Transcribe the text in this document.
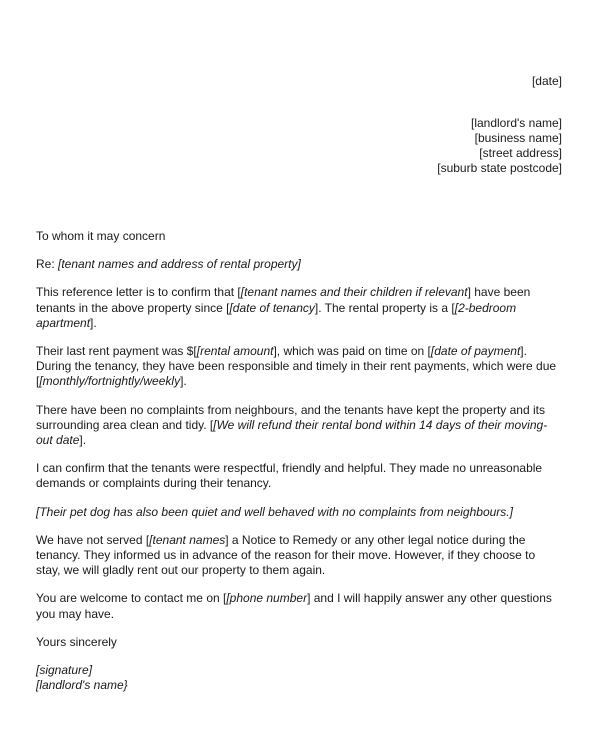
[date]
[landlord's name]
[business name]
[street address]
[suburb state postcode]

To whom it may concern

Re: [tenant names and address of rental property]

This reference letter is to confirm that [[tenant names and their children if relevant] have been tenants in the above property since [[date of tenancy]. The rental property is a [[2-bedroom apartment].

Their last rent payment was $[[rental amount], which was paid on time on [[date of payment]. During the tenancy, they have been responsible and timely in their rent payments, which were due [[monthly/fortnightly/weekly].

There have been no complaints from neighbours, and the tenants have kept the property and its surrounding area clean and tidy. [[We will refund their rental bond within 14 days of their moving-out date].

I can confirm that the tenants were respectful, friendly and helpful. They made no unreasonable demands or complaints during their tenancy.

[Their pet dog has also been quiet and well behaved with no complaints from neighbours.]

We have not served [[tenant names] a Notice to Remedy or any other legal notice during the tenancy. They informed us in advance of the reason for their move. However, if they choose to stay, we will gladly rent out our property to them again.

You are welcome to contact me on [[phone number] and I will happily answer any other questions you may have.

Yours sincerely

[signature]
[landlord's name}
